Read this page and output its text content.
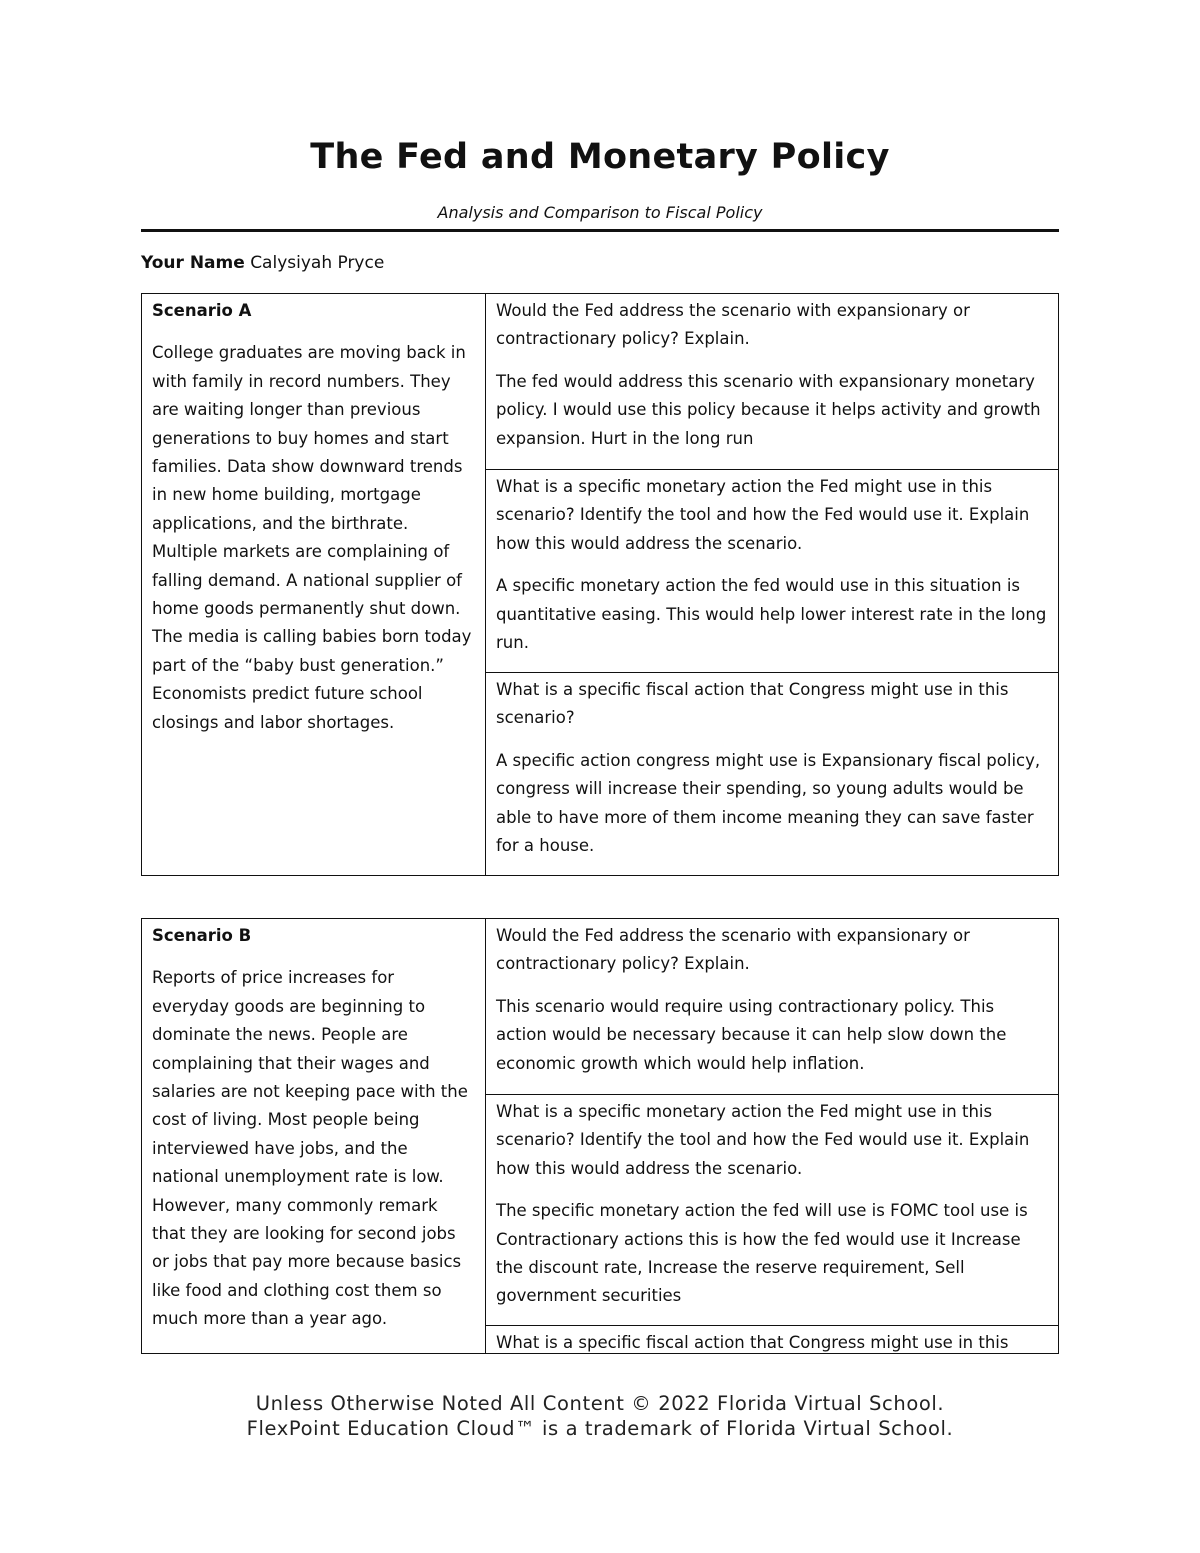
The Fed and Monetary Policy

Analysis and Comparison to Fiscal Policy

Your Name Calysiyah Pryce

Scenario A

College graduates are moving back in with family in record numbers. They are waiting longer than previous generations to buy homes and start families. Data show downward trends in new home building, mortgage applications, and the birthrate. Multiple markets are complaining of falling demand. A national supplier of home goods permanently shut down. The media is calling babies born today part of the “baby bust generation.” Economists predict future school closings and labor shortages.

Would the Fed address the scenario with expansionary or contractionary policy? Explain.

The fed would address this scenario with expansionary monetary policy. I would use this policy because it helps activity and growth expansion. Hurt in the long run

What is a specific monetary action the Fed might use in this scenario? Identify the tool and how the Fed would use it. Explain how this would address the scenario.

A specific monetary action the fed would use in this situation is quantitative easing. This would help lower interest rate in the long run.

What is a specific fiscal action that Congress might use in this scenario?

A specific action congress might use is Expansionary fiscal policy, congress will increase their spending, so young adults would be able to have more of them income meaning they can save faster for a house.

Scenario B

Reports of price increases for everyday goods are beginning to dominate the news. People are complaining that their wages and salaries are not keeping pace with the cost of living. Most people being interviewed have jobs, and the national unemployment rate is low. However, many commonly remark that they are looking for second jobs or jobs that pay more because basics like food and clothing cost them so much more than a year ago.

Would the Fed address the scenario with expansionary or contractionary policy? Explain.

This scenario would require using contractionary policy. This action would be necessary because it can help slow down the economic growth which would help inflation.

What is a specific monetary action the Fed might use in this scenario? Identify the tool and how the Fed would use it. Explain how this would address the scenario.

The specific monetary action the fed will use is FOMC tool use is Contractionary actions this is how the fed would use it Increase the discount rate, Increase the reserve requirement, Sell government securities

What is a specific fiscal action that Congress might use in this

Unless Otherwise Noted All Content © 2022 Florida Virtual School.

FlexPoint Education Cloud™ is a trademark of Florida Virtual School.
